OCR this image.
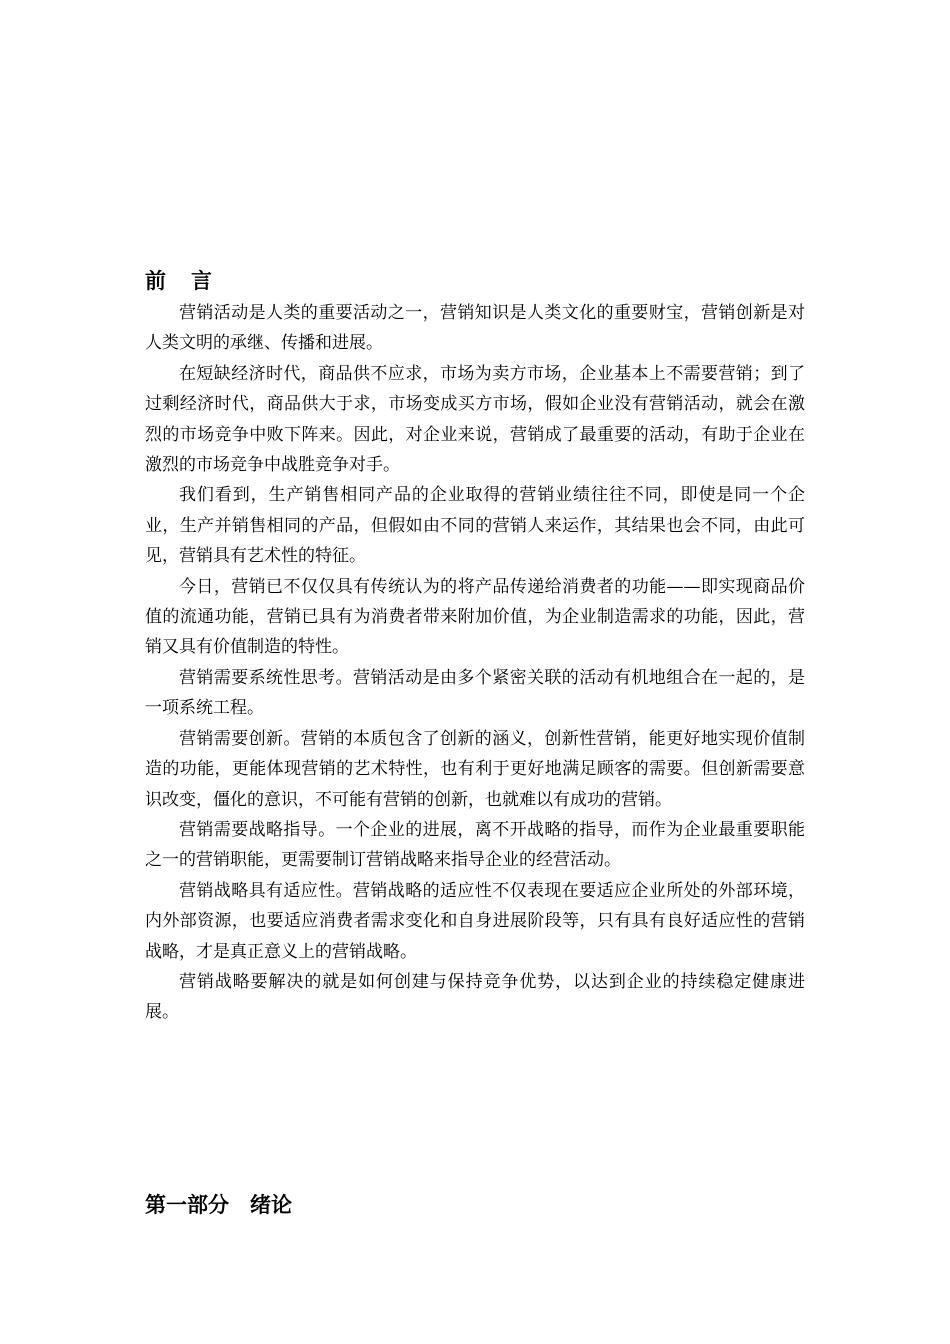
前　言

营销活动是人类的重要活动之一，营销知识是人类文化的重要财宝，营销创新是对人类文明的承继、传播和进展。

在短缺经济时代，商品供不应求，市场为卖方市场，企业基本上不需要营销；到了过剩经济时代，商品供大于求，市场变成买方市场，假如企业没有营销活动，就会在激烈的市场竞争中败下阵来。因此，对企业来说，营销成了最重要的活动，有助于企业在激烈的市场竞争中战胜竞争对手。

我们看到，生产销售相同产品的企业取得的营销业绩往往不同，即使是同一个企业，生产并销售相同的产品，但假如由不同的营销人来运作，其结果也会不同，由此可见，营销具有艺术性的特征。

今日，营销已不仅仅具有传统认为的将产品传递给消费者的功能——即实现商品价值的流通功能，营销已具有为消费者带来附加价值，为企业制造需求的功能，因此，营销又具有价值制造的特性。

营销需要系统性思考。营销活动是由多个紧密关联的活动有机地组合在一起的，是一项系统工程。

营销需要创新。营销的本质包含了创新的涵义，创新性营销，能更好地实现价值制造的功能，更能体现营销的艺术特性，也有利于更好地满足顾客的需要。但创新需要意识改变，僵化的意识，不可能有营销的创新，也就难以有成功的营销。

营销需要战略指导。一个企业的进展，离不开战略的指导，而作为企业最重要职能之一的营销职能，更需要制订营销战略来指导企业的经营活动。

营销战略具有适应性。营销战略的适应性不仅表现在要适应企业所处的外部环境，内外部资源，也要适应消费者需求变化和自身进展阶段等，只有具有良好适应性的营销战略，才是真正意义上的营销战略。

营销战略要解决的就是如何创建与保持竞争优势，以达到企业的持续稳定健康进展。

第一部分　绪论
